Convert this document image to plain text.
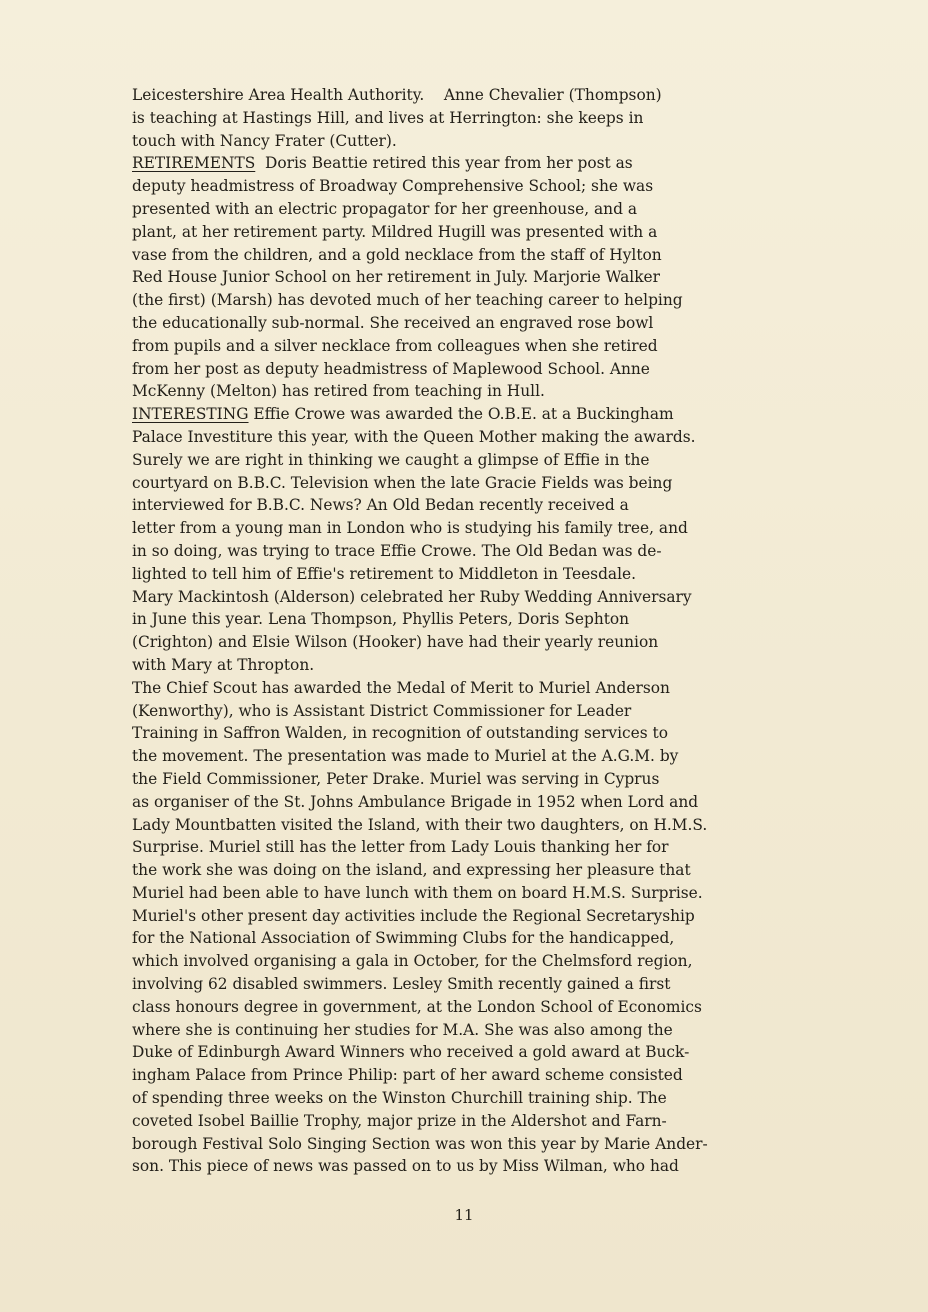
Leicestershire Area Health Authority.    Anne Chevalier (Thompson)
is teaching at Hastings Hill, and lives at Herrington: she keeps in
touch with Nancy Frater (Cutter).
RETIREMENTS  Doris Beattie retired this year from her post as
deputy headmistress of Broadway Comprehensive School; she was
presented with an electric propagator for her greenhouse, and a
plant, at her retirement party. Mildred Hugill was presented with a
vase from the children, and a gold necklace from the staff of Hylton
Red House Junior School on her retirement in July. Marjorie Walker
(the first) (Marsh) has devoted much of her teaching career to helping
the educationally sub-normal. She received an engraved rose bowl
from pupils and a silver necklace from colleagues when she retired
from her post as deputy headmistress of Maplewood School. Anne
McKenny (Melton) has retired from teaching in Hull.
INTERESTING Effie Crowe was awarded the O.B.E. at a Buckingham
Palace Investiture this year, with the Queen Mother making the awards.
Surely we are right in thinking we caught a glimpse of Effie in the
courtyard on B.B.C. Television when the late Gracie Fields was being
interviewed for B.B.C. News? An Old Bedan recently received a
letter from a young man in London who is studying his family tree, and
in so doing, was trying to trace Effie Crowe. The Old Bedan was de-
lighted to tell him of Effie's retirement to Middleton in Teesdale.
Mary Mackintosh (Alderson) celebrated her Ruby Wedding Anniversary
in June this year. Lena Thompson, Phyllis Peters, Doris Sephton
(Crighton) and Elsie Wilson (Hooker) have had their yearly reunion
with Mary at Thropton.
The Chief Scout has awarded the Medal of Merit to Muriel Anderson
(Kenworthy), who is Assistant District Commissioner for Leader
Training in Saffron Walden, in recognition of outstanding services to
the movement. The presentation was made to Muriel at the A.G.M. by
the Field Commissioner, Peter Drake. Muriel was serving in Cyprus
as organiser of the St. Johns Ambulance Brigade in 1952 when Lord and
Lady Mountbatten visited the Island, with their two daughters, on H.M.S.
Surprise. Muriel still has the letter from Lady Louis thanking her for
the work she was doing on the island, and expressing her pleasure that
Muriel had been able to have lunch with them on board H.M.S. Surprise.
Muriel's other present day activities include the Regional Secretaryship
for the National Association of Swimming Clubs for the handicapped,
which involved organising a gala in October, for the Chelmsford region,
involving 62 disabled swimmers. Lesley Smith recently gained a first
class honours degree in government, at the London School of Economics
where she is continuing her studies for M.A. She was also among the
Duke of Edinburgh Award Winners who received a gold award at Buck-
ingham Palace from Prince Philip: part of her award scheme consisted
of spending three weeks on the Winston Churchill training ship. The
coveted Isobel Baillie Trophy, major prize in the Aldershot and Farn-
borough Festival Solo Singing Section was won this year by Marie Ander-
son. This piece of news was passed on to us by Miss Wilman, who had
11
